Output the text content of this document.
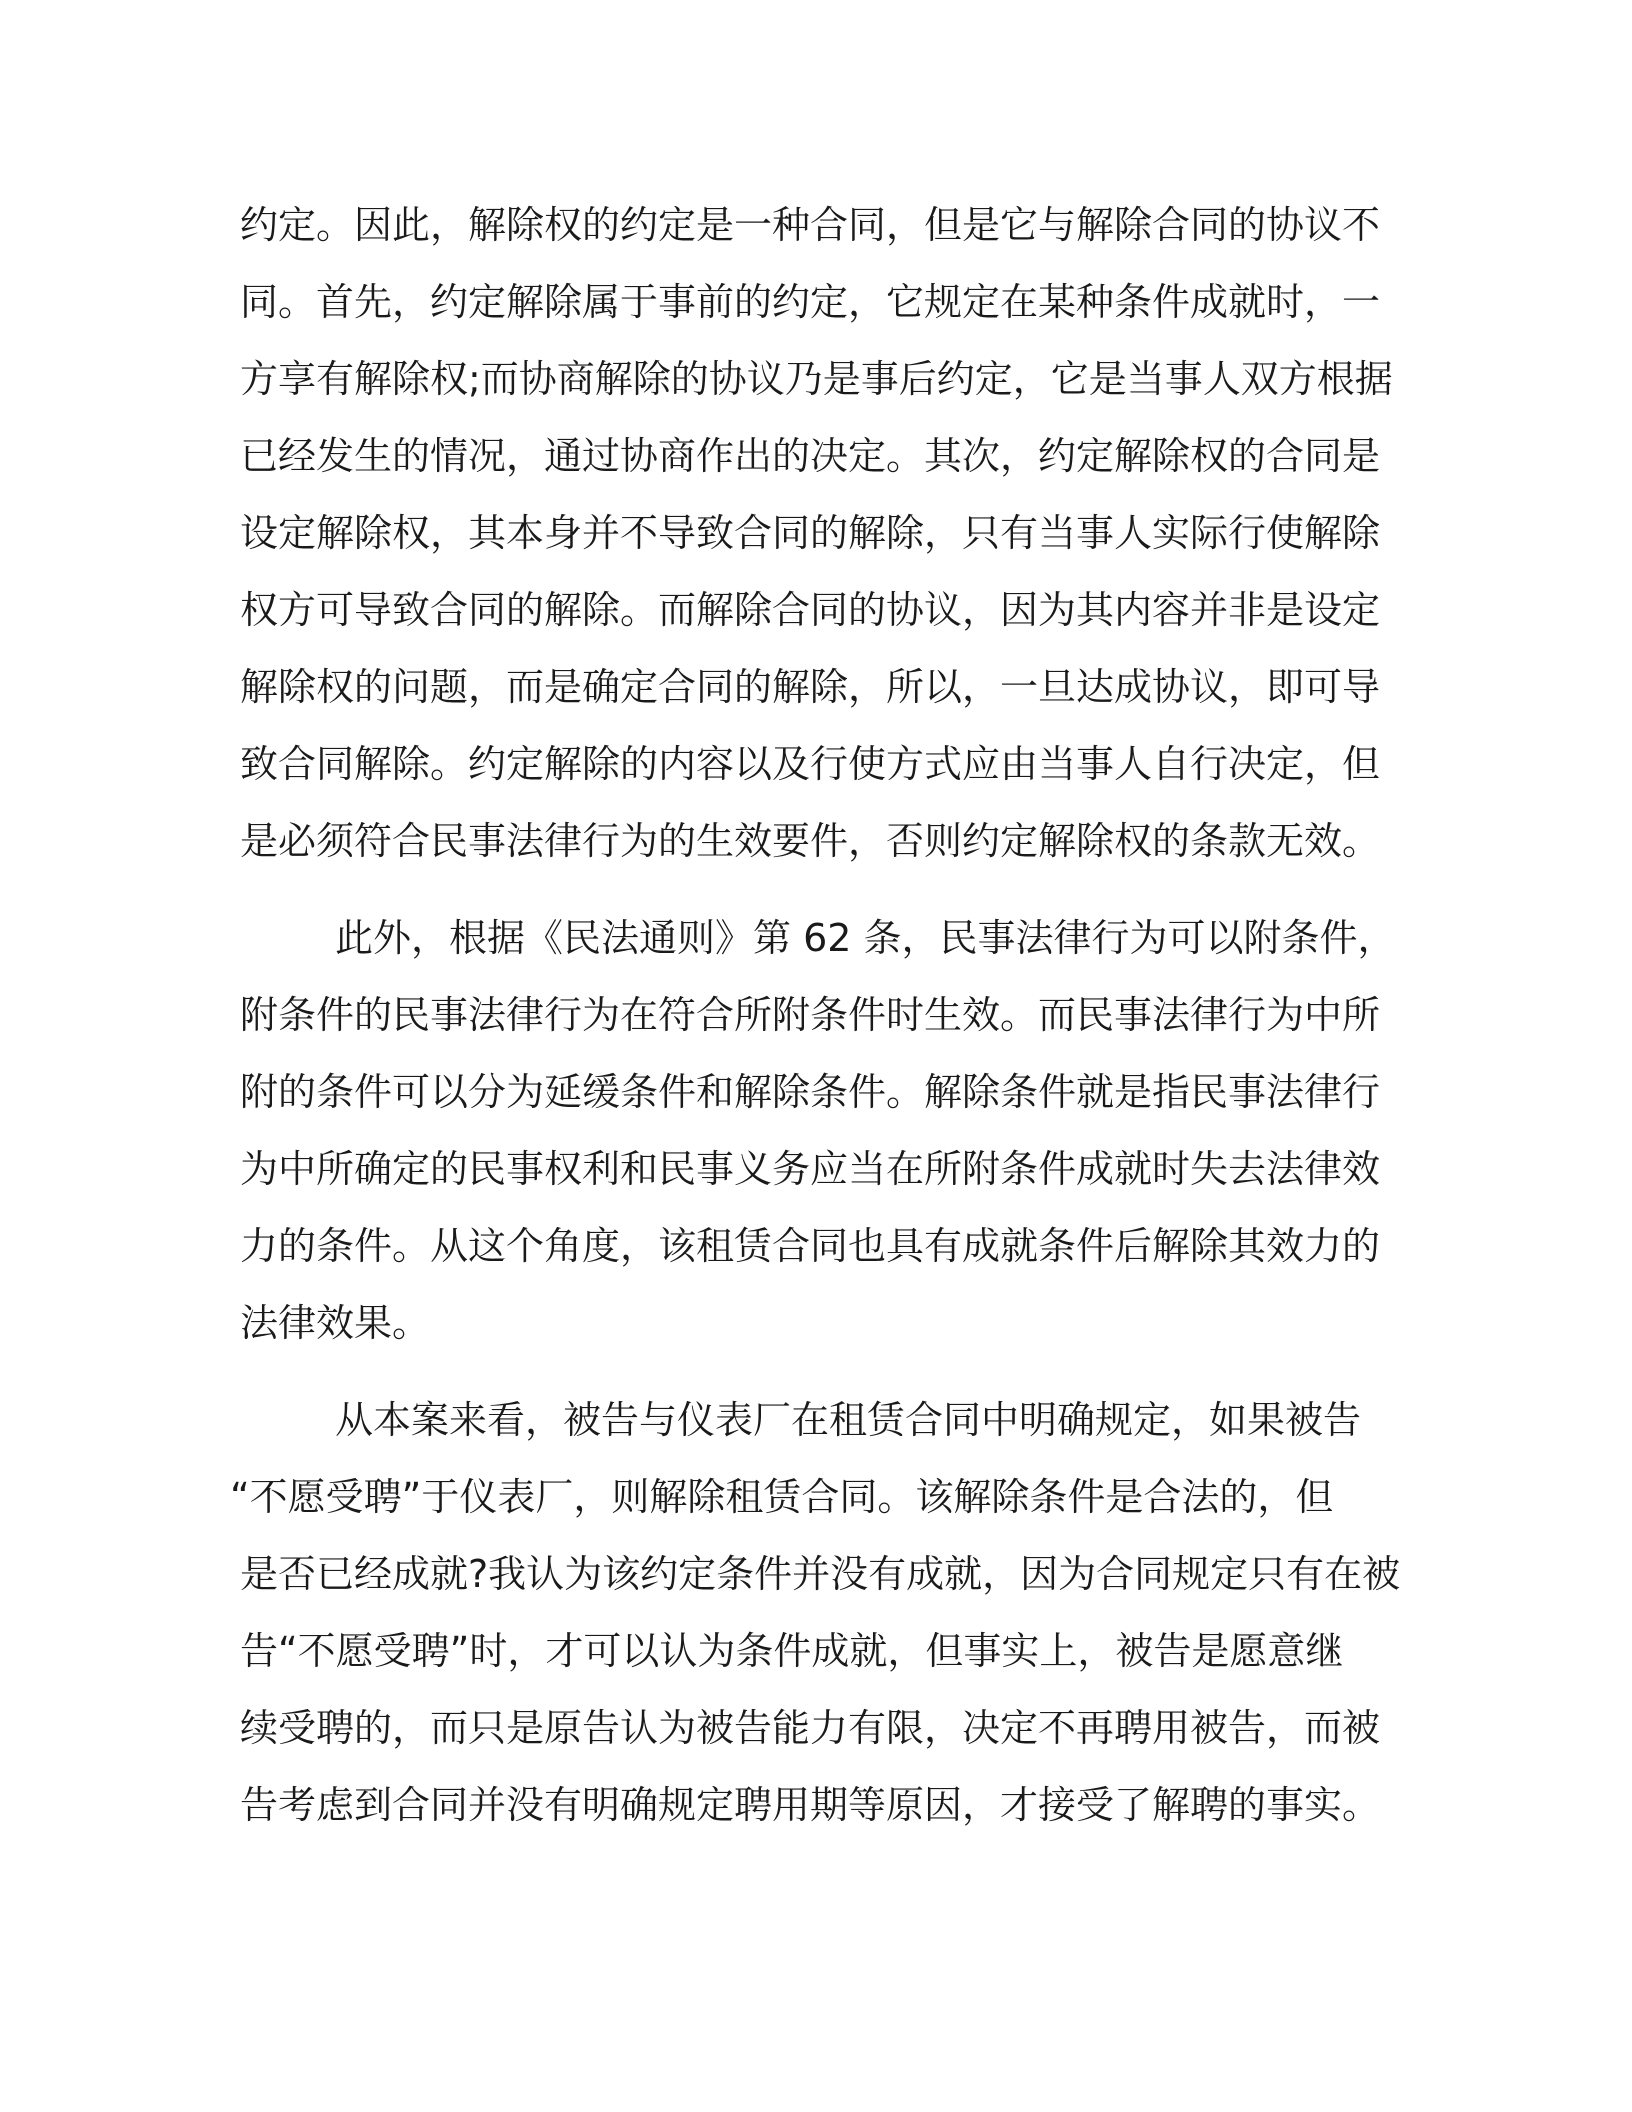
约定。因此，解除权的约定是一种合同，但是它与解除合同的协议不
同。首先，约定解除属于事前的约定，它规定在某种条件成就时，一
方享有解除权;而协商解除的协议乃是事后约定，它是当事人双方根据
已经发生的情况，通过协商作出的决定。其次，约定解除权的合同是
设定解除权，其本身并不导致合同的解除，只有当事人实际行使解除
权方可导致合同的解除。而解除合同的协议，因为其内容并非是设定
解除权的问题，而是确定合同的解除，所以，一旦达成协议，即可导
致合同解除。约定解除的内容以及行使方式应由当事人自行决定，但
是必须符合民事法律行为的生效要件，否则约定解除权的条款无效。
此外，根据《民法通则》第 62 条，民事法律行为可以附条件，
附条件的民事法律行为在符合所附条件时生效。而民事法律行为中所
附的条件可以分为延缓条件和解除条件。解除条件就是指民事法律行
为中所确定的民事权利和民事义务应当在所附条件成就时失去法律效
力的条件。从这个角度，该租赁合同也具有成就条件后解除其效力的
法律效果。
从本案来看，被告与仪表厂在租赁合同中明确规定，如果被告
“不愿受聘”于仪表厂，则解除租赁合同。该解除条件是合法的，但
是否已经成就?我认为该约定条件并没有成就，因为合同规定只有在被
告“不愿受聘”时，才可以认为条件成就，但事实上，被告是愿意继
续受聘的，而只是原告认为被告能力有限，决定不再聘用被告，而被
告考虑到合同并没有明确规定聘用期等原因，才接受了解聘的事实。
